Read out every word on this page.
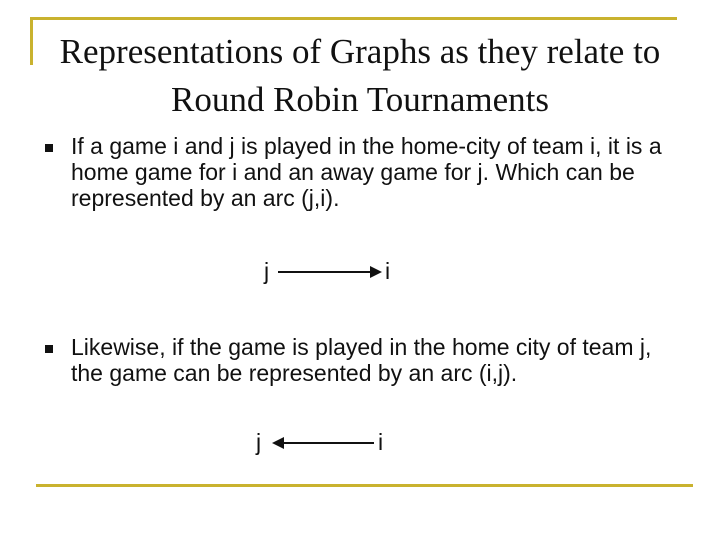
Representations of Graphs as they relate to Round Robin Tournaments
If a game i and j is played in the home-city of team i, it is a home game for i and an away game for j. Which can be represented by an arc (j,i).
j	i
Likewise, if the game is played in the home city of team j, the game can be represented by an arc (i,j).
j	i
